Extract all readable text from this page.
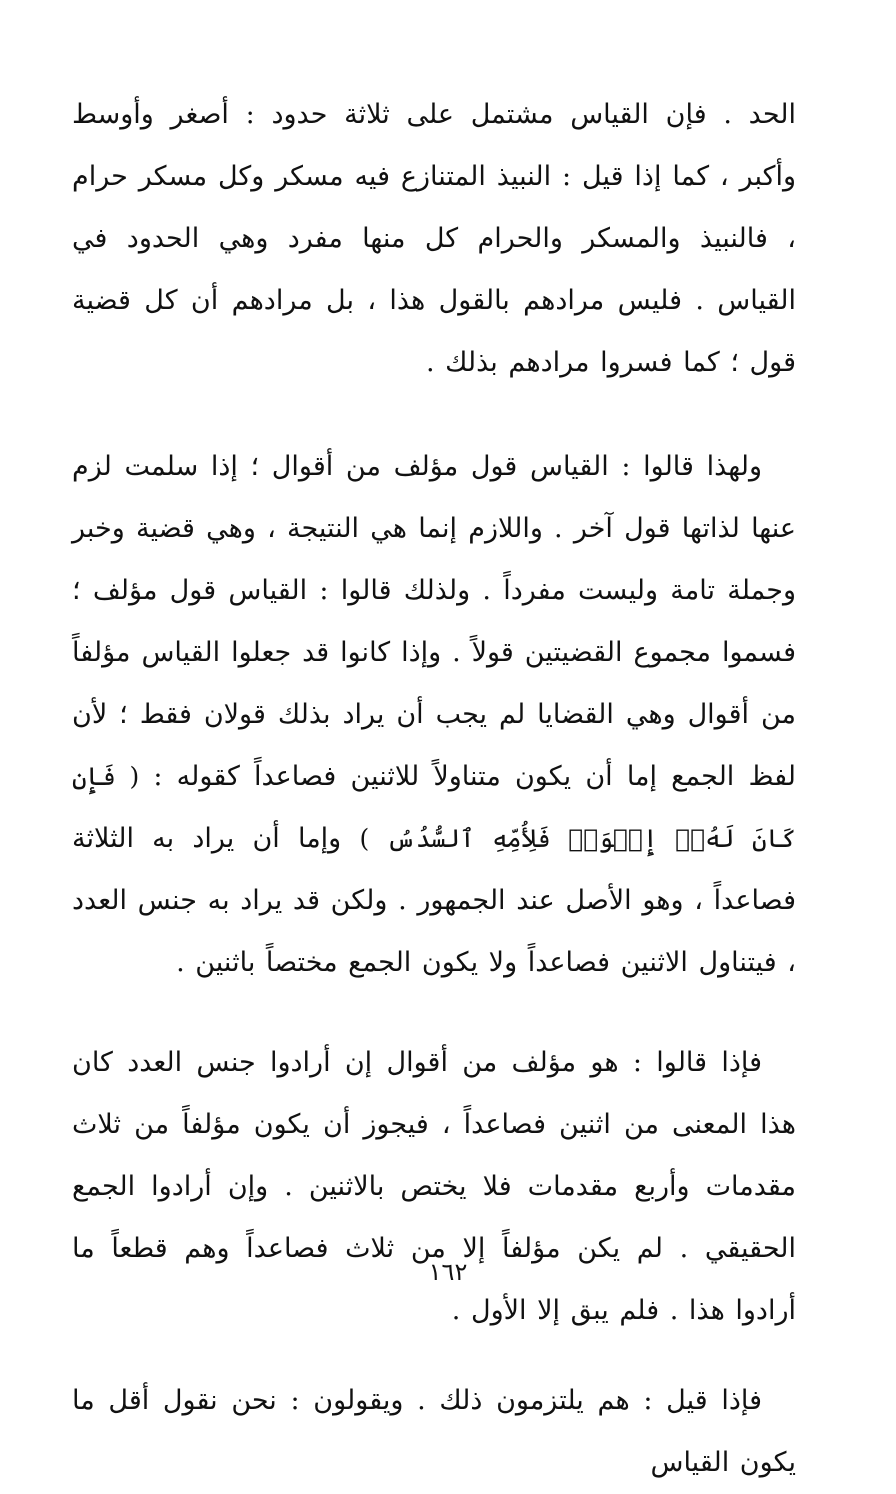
الحد . فإن القياس مشتمل على ثلاثة حدود : أصغر وأوسط وأكبر ، كما إذا قيل : النبيذ المتنازع فيه مسكر وكل مسكر حرام ، فالنبيذ والمسكر والحرام كل منها مفرد وهي الحدود في القياس . فليس مرادهم بالقول هذا ، بل مرادهم أن كل قضية قول ؛ كما فسروا مرادهم بذلك .

ولهذا قالوا : القياس قول مؤلف من أقوال ؛ إذا سلمت لزم عنها لذاتها قول آخر . واللازم إنما هي النتيجة ، وهي قضية وخبر وجملة تامة وليست مفرداً . ولذلك قالوا : القياس قول مؤلف ؛ فسموا مجموع القضيتين قولاً . وإذا كانوا قد جعلوا القياس مؤلفاً من أقوال وهي القضايا لم يجب أن يراد بذلك قولان فقط ؛ لأن لفظ الجمع إما أن يكون متناولاً للاثنين فصاعداً كقوله : ( فَإِن كَانَ لَهُۥٓ إِخۡوَةٞ فَلِأُمِّهِ ٱلسُّدُسُ ) وإما أن يراد به الثلاثة فصاعداً ، وهو الأصل عند الجمهور . ولكن قد يراد به جنس العدد ، فيتناول الاثنين فصاعداً ولا يكون الجمع مختصاً باثنين .

فإذا قالوا : هو مؤلف من أقوال إن أرادوا جنس العدد كان هذا المعنى من اثنين فصاعداً ، فيجوز أن يكون مؤلفاً من ثلاث مقدمات وأربع مقدمات فلا يختص بالاثنين . وإن أرادوا الجمع الحقيقي . لم يكن مؤلفاً إلا من ثلاث فصاعداً وهم قطعاً ما أرادوا هذا . فلم يبق إلا الأول .

فإذا قيل : هم يلتزمون ذلك . ويقولون : نحن نقول أقل ما يكون القياس

١٦٢
